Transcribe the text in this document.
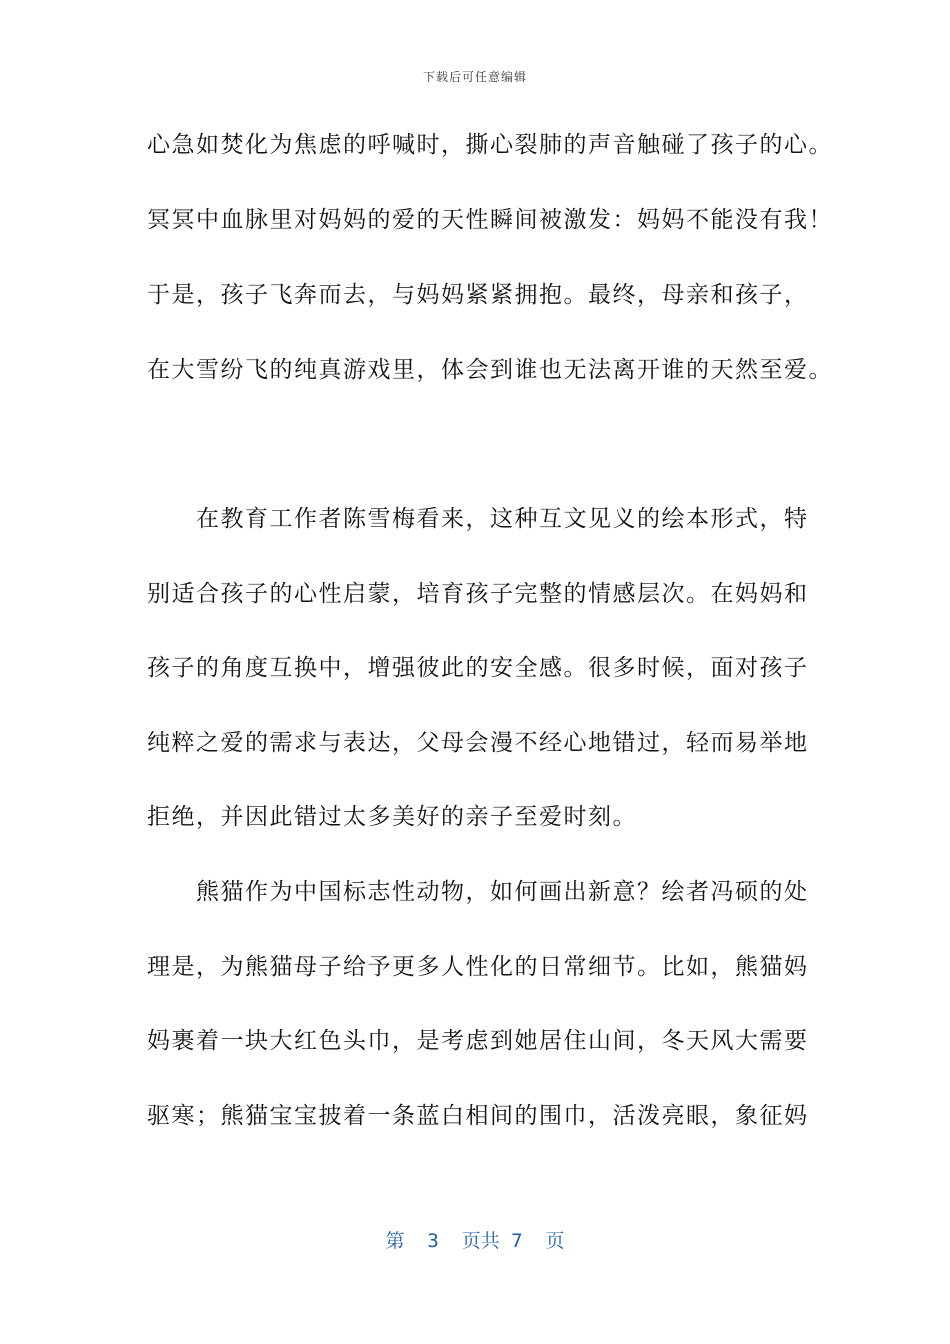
下载后可任意编辑
心急如焚化为焦虑的呼喊时，撕心裂肺的声音触碰了孩子的心。
冥冥中血脉里对妈妈的爱的天性瞬间被激发：妈妈不能没有我！
于是，孩子飞奔而去，与妈妈紧紧拥抱。最终，母亲和孩子，
在大雪纷飞的纯真游戏里，体会到谁也无法离开谁的天然至爱。
　　在教育工作者陈雪梅看来，这种互文见义的绘本形式，特
别适合孩子的心性启蒙，培育孩子完整的情感层次。在妈妈和
孩子的角度互换中，增强彼此的安全感。很多时候，面对孩子
纯粹之爱的需求与表达，父母会漫不经心地错过，轻而易举地
拒绝，并因此错过太多美好的亲子至爱时刻。
　　熊猫作为中国标志性动物，如何画出新意？绘者冯硕的处
理是，为熊猫母子给予更多人性化的日常细节。比如，熊猫妈
妈裹着一块大红色头巾，是考虑到她居住山间，冬天风大需要
驱寒；熊猫宝宝披着一条蓝白相间的围巾，活泼亮眼，象征妈
第  3  页共 7  页
